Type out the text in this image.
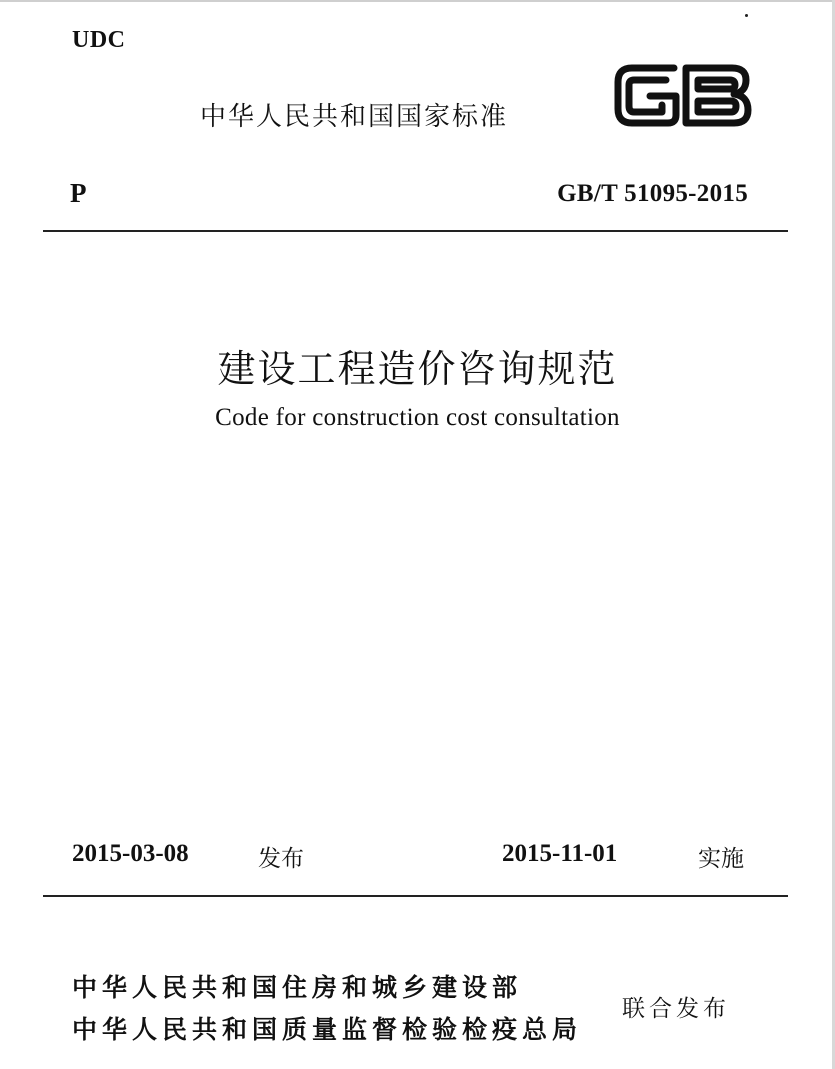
UDC
中华人民共和国国家标准
P	GB/T 51095-2015
建设工程造价咨询规范
Code for construction cost consultation
2015-03-08	发布	2015-11-01	实施
中华人民共和国住房和城乡建设部
中华人民共和国质量监督检验检疫总局
联合发布
